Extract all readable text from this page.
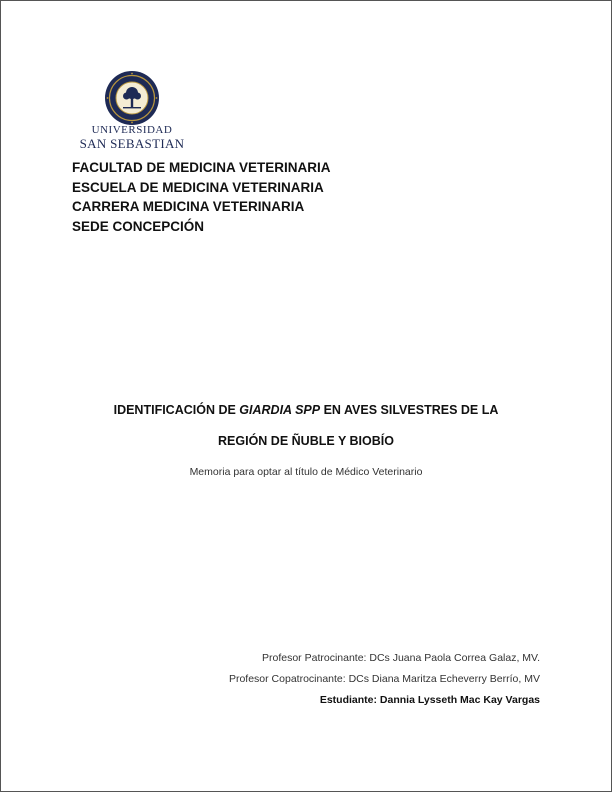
UNIVERSIDAD
SAN SEBASTIAN
FACULTAD DE MEDICINA VETERINARIA
ESCUELA DE MEDICINA VETERINARIA
CARRERA MEDICINA VETERINARIA
SEDE CONCEPCIÓN
IDENTIFICACIÓN DE GIARDIA SPP EN AVES SILVESTRES DE LA
REGIÓN DE ÑUBLE Y BIOBÍO
Memoria para optar al título de Médico Veterinario
Profesor Patrocinante: DCs Juana Paola Correa Galaz, MV.
Profesor Copatrocinante: DCs Diana Maritza Echeverry Berrío, MV
Estudiante: Dannia Lysseth Mac Kay Vargas
